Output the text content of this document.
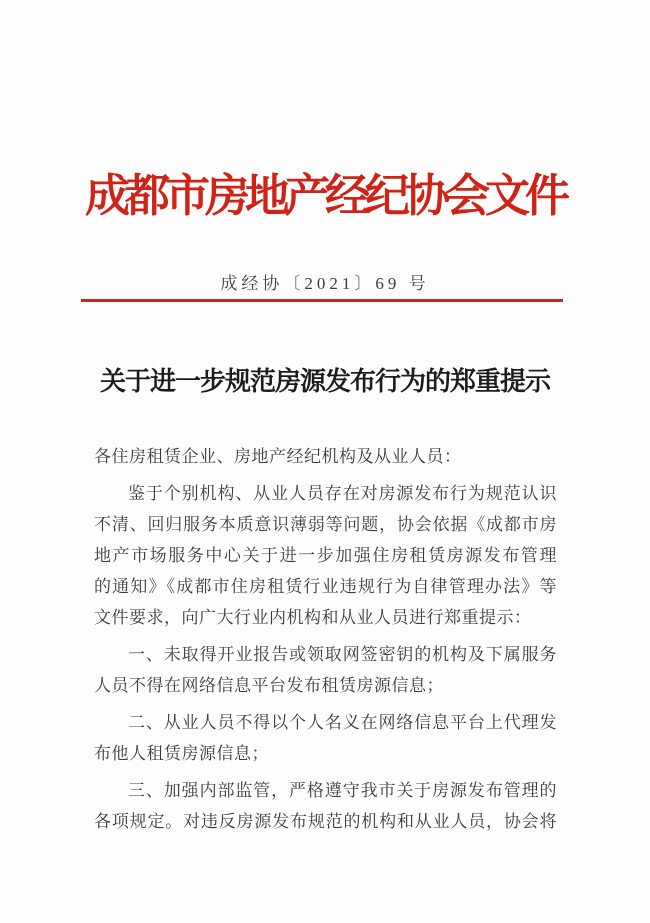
成都市房地产经纪协会文件
成经协〔2021〕69 号
关于进一步规范房源发布行为的郑重提示
各住房租赁企业、房地产经纪机构及从业人员：
鉴于个别机构、从业人员存在对房源发布行为规范认识
不清、回归服务本质意识薄弱等问题，协会依据《成都市房
地产市场服务中心关于进一步加强住房租赁房源发布管理
的通知》《成都市住房租赁行业违规行为自律管理办法》等
文件要求，向广大行业内机构和从业人员进行郑重提示：
一、未取得开业报告或领取网签密钥的机构及下属服务
人员不得在网络信息平台发布租赁房源信息；
二、从业人员不得以个人名义在网络信息平台上代理发
布他人租赁房源信息；
三、加强内部监管，严格遵守我市关于房源发布管理的
各项规定。对违反房源发布规范的机构和从业人员，协会将
